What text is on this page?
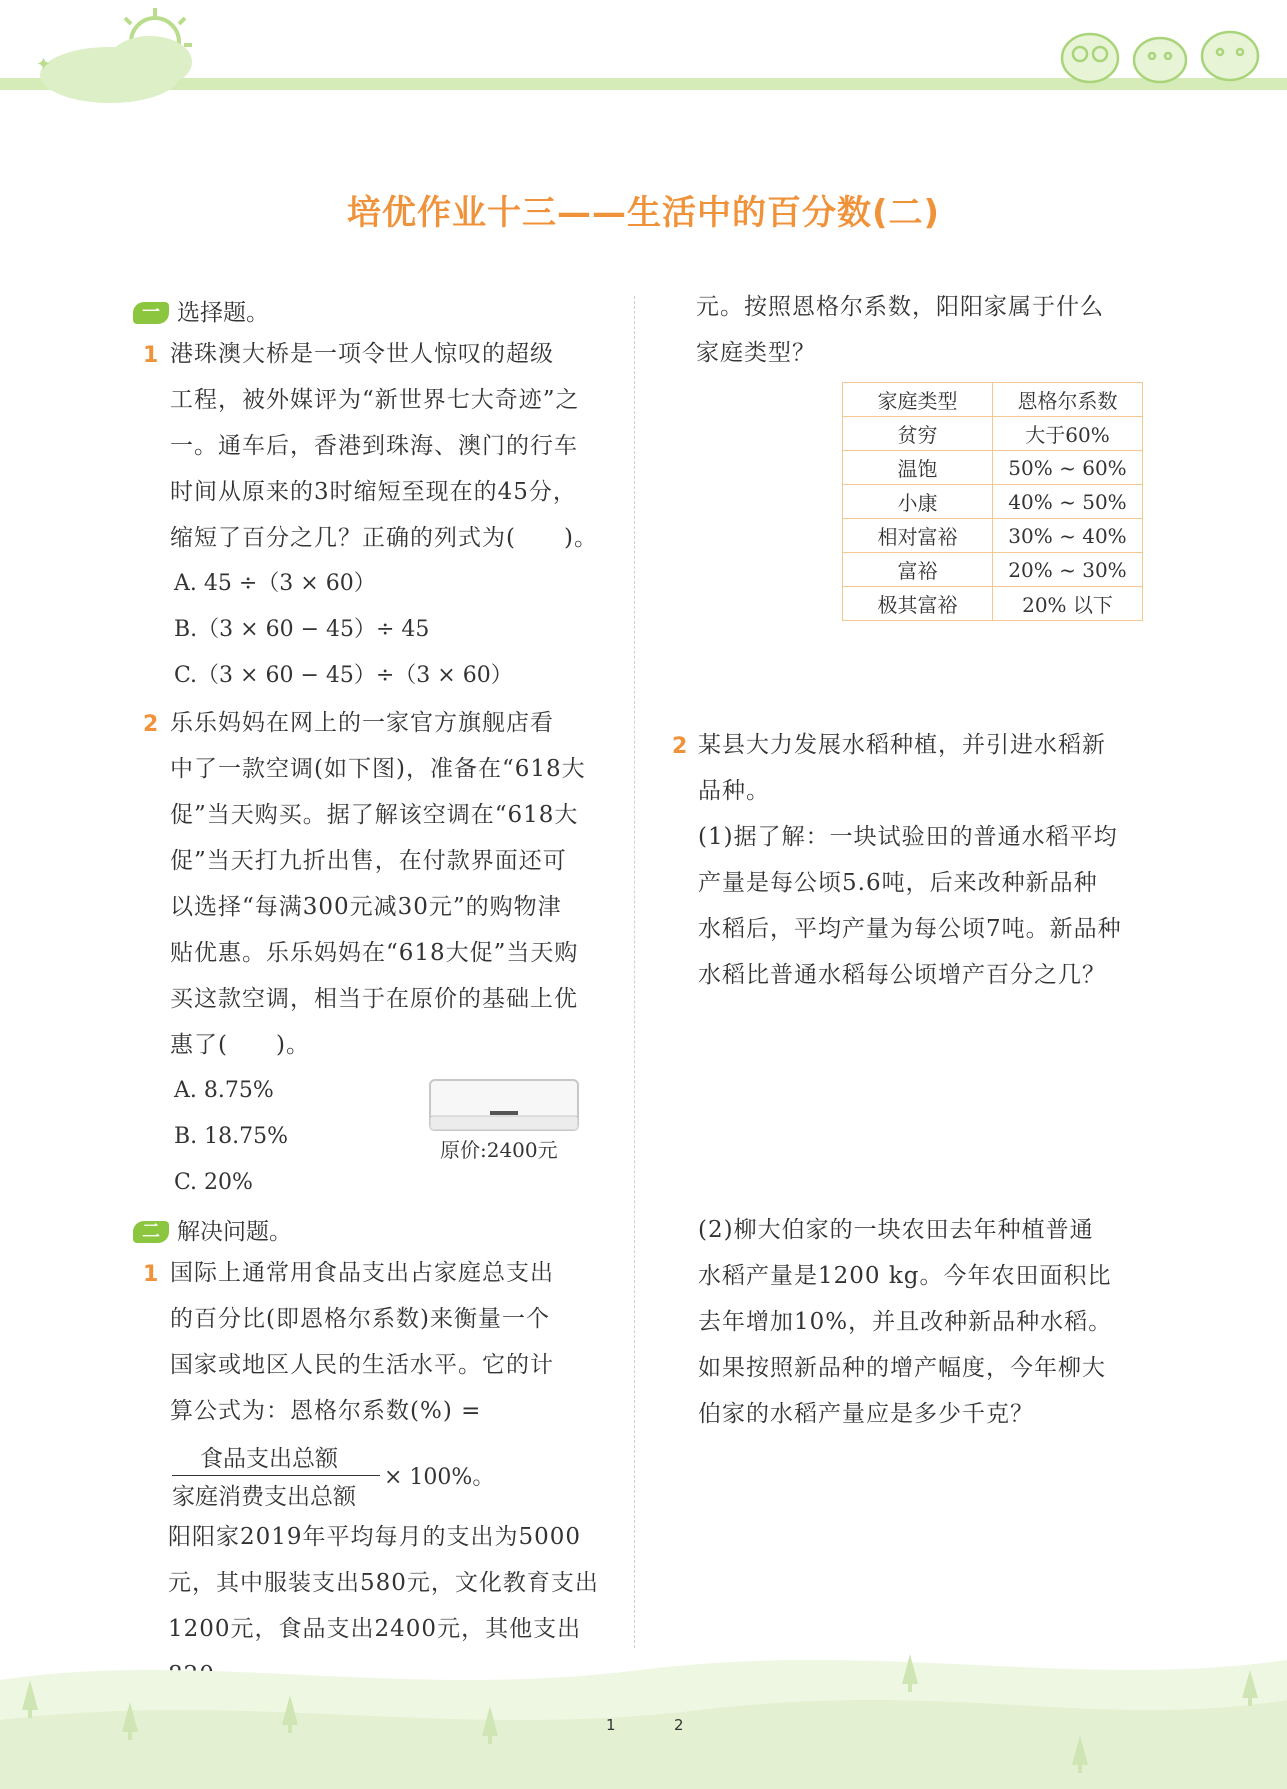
✦
培优作业十三——生活中的百分数(二)
一 选择题。
1 港珠澳大桥是一项令世人惊叹的超级
工程，被外媒评为“新世界七大奇迹”之
一。通车后，香港到珠海、澳门的行车
时间从原来的3时缩短至现在的45分，
缩短了百分之几？正确的列式为(　　)。
A. 45 ÷（3 × 60）
B.（3 × 60 − 45）÷ 45
C.（3 × 60 − 45）÷（3 × 60）
2 乐乐妈妈在网上的一家官方旗舰店看
中了一款空调(如下图)，准备在“618大
促”当天购买。据了解该空调在“618大
促”当天打九折出售，在付款界面还可
以选择“每满300元减30元”的购物津
贴优惠。乐乐妈妈在“618大促”当天购
买这款空调，相当于在原价的基础上优
惠了(　　)。
A. 8.75%
B. 18.75%
C. 20%
原价:2400元
二 解决问题。
1 国际上通常用食品支出占家庭总支出
的百分比(即恩格尔系数)来衡量一个
国家或地区人民的生活水平。它的计
算公式为：恩格尔系数(%) =
食品支出总额
家庭消费支出总额
× 100%。
阳阳家2019年平均每月的支出为5000
元，其中服装支出580元，文化教育支出
1200元，食品支出2400元，其他支出
元。按照恩格尔系数，阳阳家属于什么
家庭类型？
家庭类型	恩格尔系数
贫穷	大于60%
温饱	50% ~ 60%
小康	40% ~ 50%
相对富裕	30% ~ 40%
富裕	20% ~ 30%
极其富裕	20% 以下
2 某县大力发展水稻种植，并引进水稻新
品种。
(1)据了解：一块试验田的普通水稻平均
产量是每公顷5.6吨，后来改种新品种
水稻后，平均产量为每公顷7吨。新品种
水稻比普通水稻每公顷增产百分之几？
(2)柳大伯家的一块农田去年种植普通
水稻产量是1200 kg。今年农田面积比
去年增加10%，并且改种新品种水稻。
如果按照新品种的增产幅度，今年柳大
伯家的水稻产量应是多少千克？
1	2
